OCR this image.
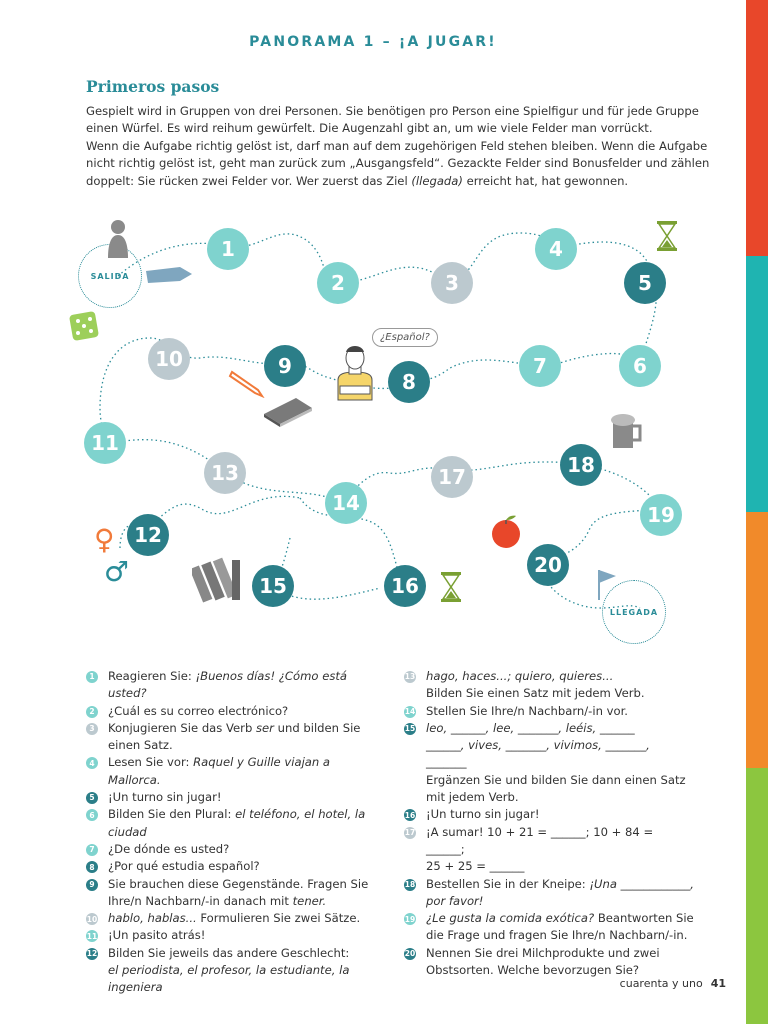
PANORAMA 1 – ¡A JUGAR!
Primeros pasos

Gespielt wird in Gruppen von drei Personen. Sie benötigen pro Person eine Spielfigur und für jede Gruppe einen Würfel. Es wird reihum gewürfelt. Die Augenzahl gibt an, um wie viele Felder man vorrückt.

Wenn die Aufgabe richtig gelöst ist, darf man auf dem zugehörigen Feld stehen bleiben. Wenn die Aufgabe nicht richtig gelöst ist, geht man zurück zum „Ausgangsfeld“. Gezackte Felder sind Bonusfelder und zählen doppelt: Sie rücken zwei Felder vor. Wer zuerst das Ziel (llegada) erreicht hat, hat gewonnen.

SALIDA
LLEGADA
¿Español?
♀
♂
1
2	3
4
5
6
7
8
9
10
11
12
13
14
15	16
17	18
19
20
1 Reagieren Sie: ¡Buenos días! ¿Cómo está usted?
2 ¿Cuál es su correo electrónico?
3 Konjugieren Sie das Verb ser und bilden Sie einen Satz.
4 Lesen Sie vor: Raquel y Guille viajan a Mallorca.
5 ¡Un turno sin jugar!
6 Bilden Sie den Plural: el teléfono, el hotel, la ciudad
7 ¿De dónde es usted?
8 ¿Por qué estudia español?
9 Sie brauchen diese Gegenstände. Fragen Sie Ihre/n Nachbarn/-in danach mit tener.
10 hablo, hablas... Formulieren Sie zwei Sätze.
11 ¡Un pasito atrás!
12 Bilden Sie jeweils das andere Geschlecht:
el periodista, el profesor, la estudiante, la ingeniera
13 hago, haces...; quiero, quieres...
Bilden Sie einen Satz mit jedem Verb.
14 Stellen Sie Ihre/n Nachbarn/-in vor.
15 leo, ______, lee, _______, leéis, ______
______, vives, _______, vivimos, _______, _______
Ergänzen Sie und bilden Sie dann einen Satz mit jedem Verb.
16 ¡Un turno sin jugar!
17 ¡A sumar! 10 + 21 = ______; 10 + 84 = ______;
25 + 25 = ______
18 Bestellen Sie in der Kneipe: ¡Una ____________, por favor!
19 ¿Le gusta la comida exótica? Beantworten Sie die Frage und fragen Sie Ihre/n Nachbarn/-in.
20 Nennen Sie drei Milchprodukte und zwei Obstsorten. Welche bevorzugen Sie?
cuarenta y uno 41
